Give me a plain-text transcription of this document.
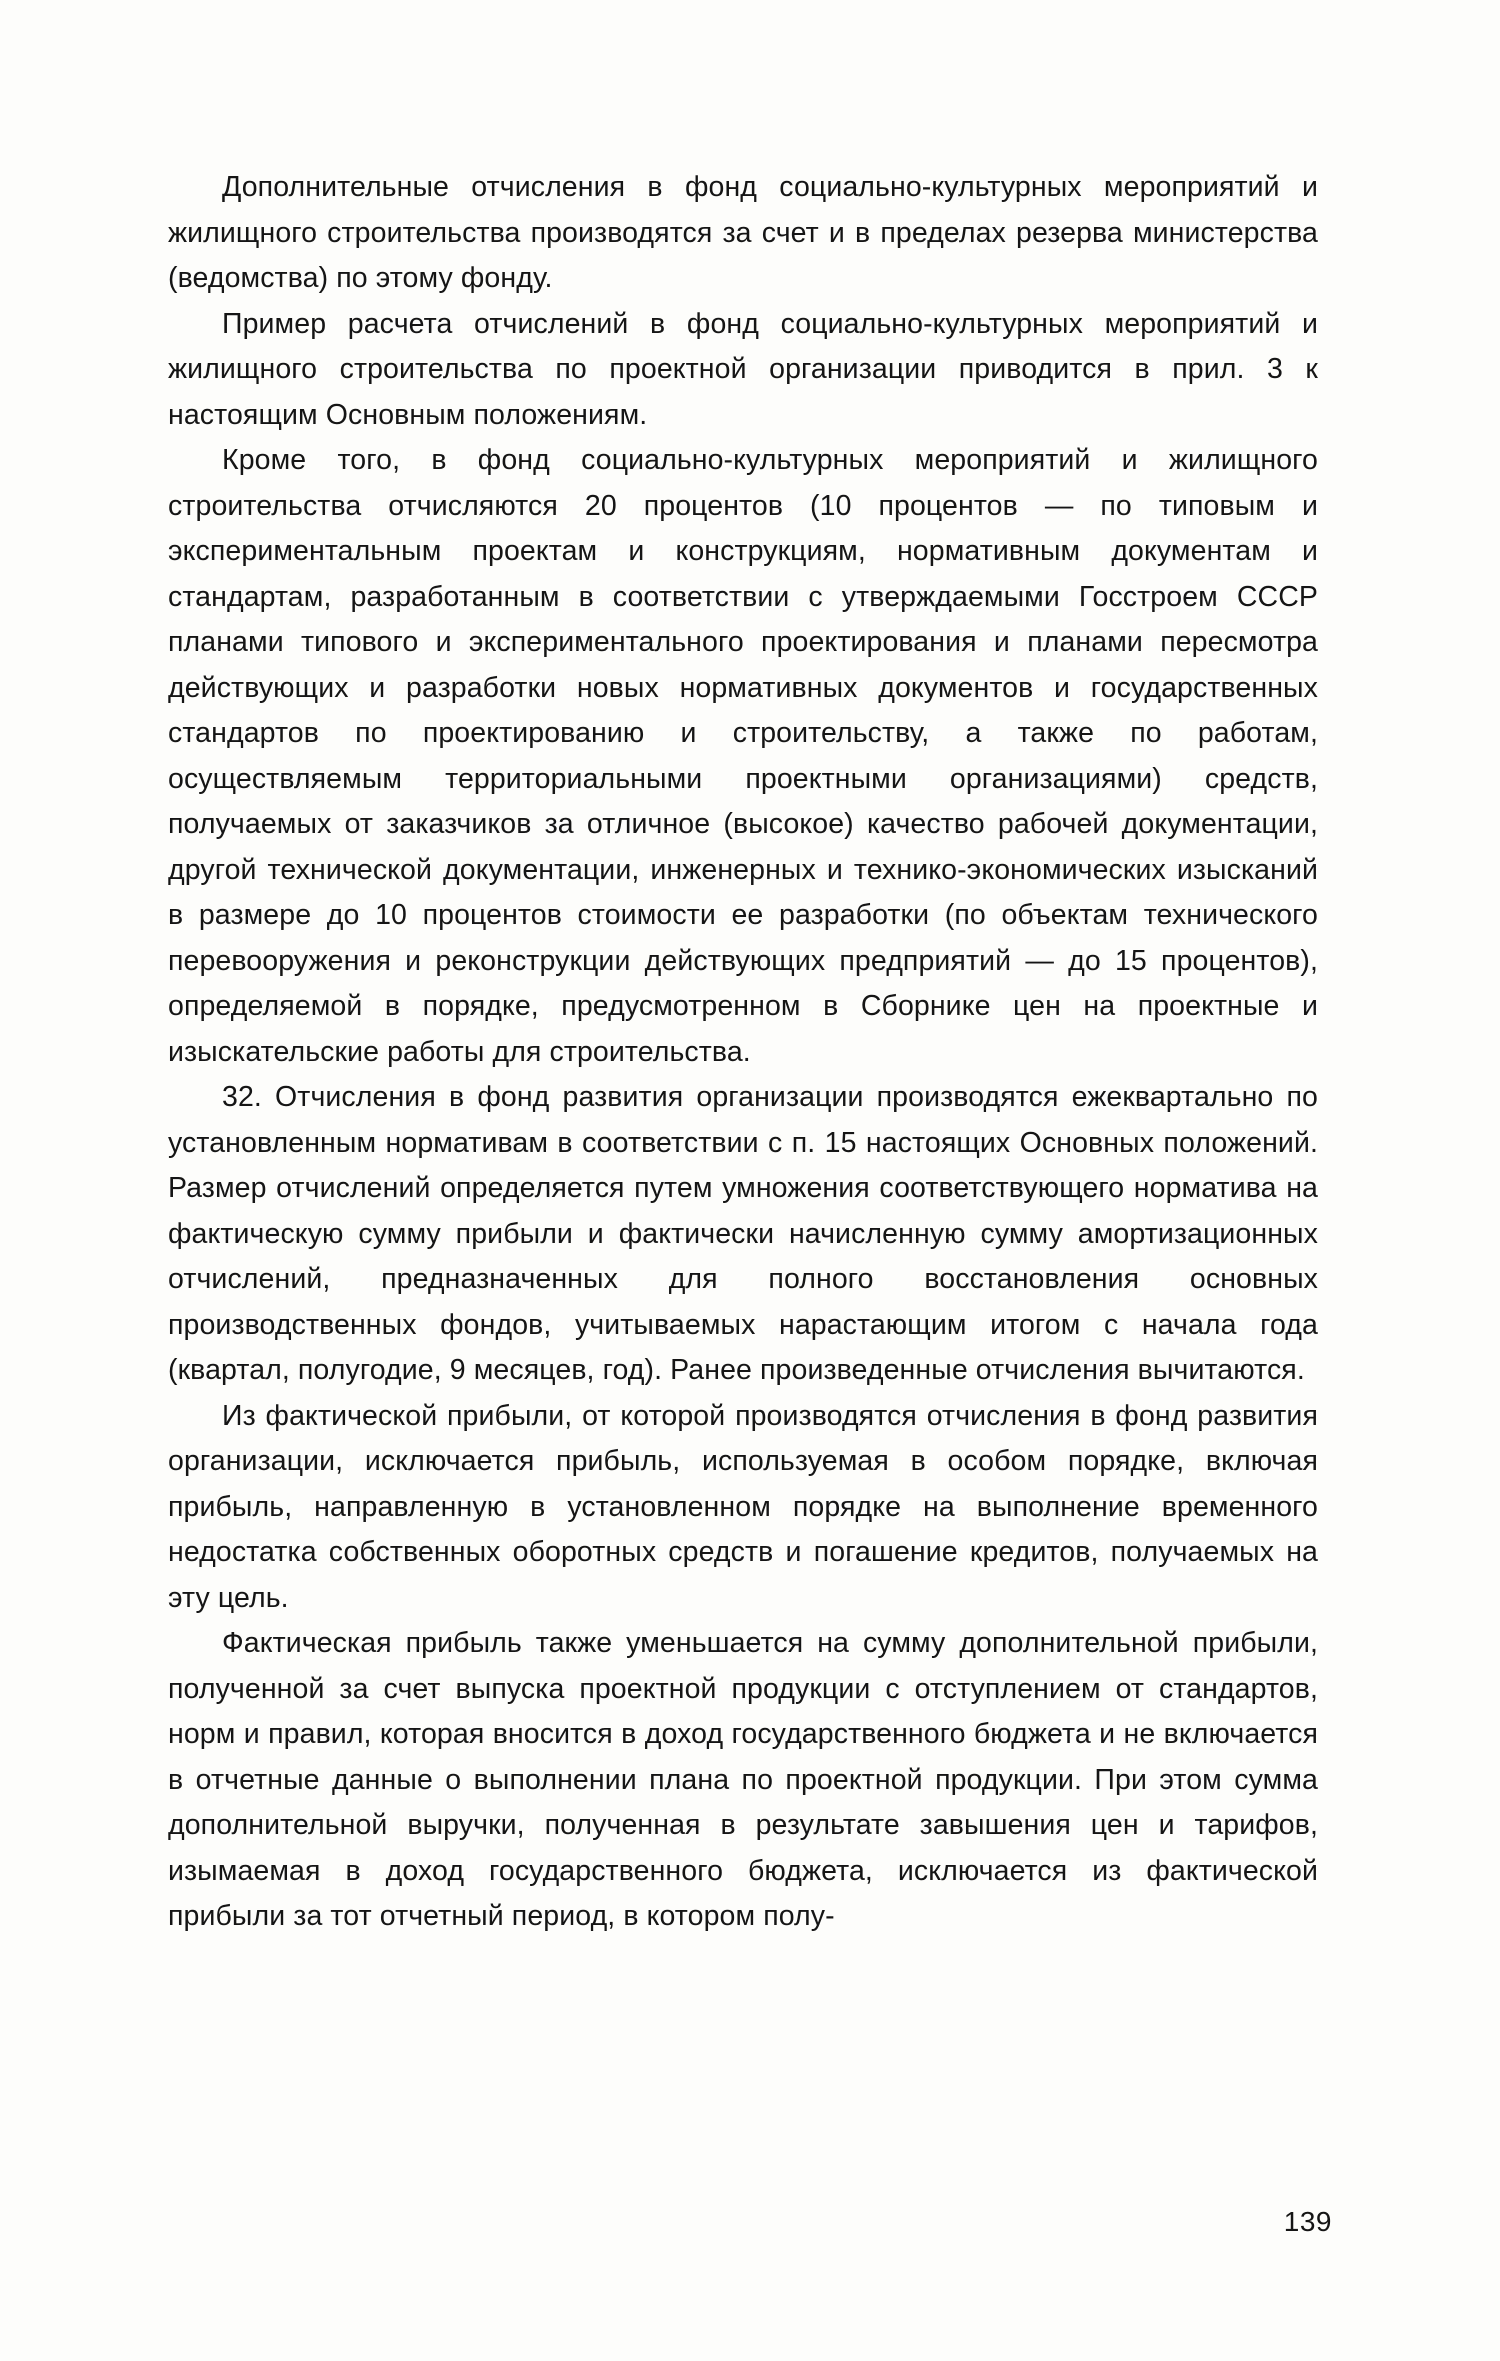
Дополнительные отчисления в фонд социально-культурных мероприятий и жилищного строительства производятся за счет и в пределах резерва министерства (ведомства) по этому фонду.

Пример расчета отчислений в фонд социально-культурных мероприятий и жилищного строительства по проектной организации приводится в прил. 3 к настоящим Основным положениям.

Кроме того, в фонд социально-культурных мероприятий и жилищного строительства отчисляются 20 процентов (10 процентов — по типовым и экспериментальным проектам и конструкциям, нормативным документам и стандартам, разработанным в соответствии с утверждаемыми Госстроем СССР планами типового и экспериментального проектирования и планами пересмотра действующих и разработки новых нормативных документов и государственных стандартов по проектированию и строительству, а также по работам, осуществляемым территориальными проектными организациями) средств, получаемых от заказчиков за отличное (высокое) качество рабочей документации, другой технической документации, инженерных и технико-экономических изысканий в размере до 10 процентов стоимости ее разработки (по объектам технического перевооружения и реконструкции действующих предприятий — до 15 процентов), определяемой в порядке, предусмотренном в Сборнике цен на проектные и изыскательские работы для строительства.

32. Отчисления в фонд развития организации производятся ежеквартально по установленным нормативам в соответствии с п. 15 настоящих Основных положений. Размер отчислений определяется путем умножения соответствующего норматива на фактическую сумму прибыли и фактически начисленную сумму амортизационных отчислений, предназначенных для полного восстановления основных производственных фондов, учитываемых нарастающим итогом с начала года (квартал, полугодие, 9 месяцев, год). Ранее произведенные отчисления вычитаются.

Из фактической прибыли, от которой производятся отчисления в фонд развития организации, исключается прибыль, используемая в особом порядке, включая прибыль, направленную в установленном порядке на выполнение временного недостатка собственных оборотных средств и погашение кредитов, получаемых на эту цель.

Фактическая прибыль также уменьшается на сумму дополнительной прибыли, полученной за счет выпуска проектной продукции с отступлением от стандартов, норм и правил, которая вносится в доход государственного бюджета и не включается в отчетные данные о выполнении плана по проектной продукции. При этом сумма дополнительной выручки, полученная в результате завышения цен и тарифов, изымаемая в доход государственного бюджета, исключается из фактической прибыли за тот отчетный период, в котором полу-

139
